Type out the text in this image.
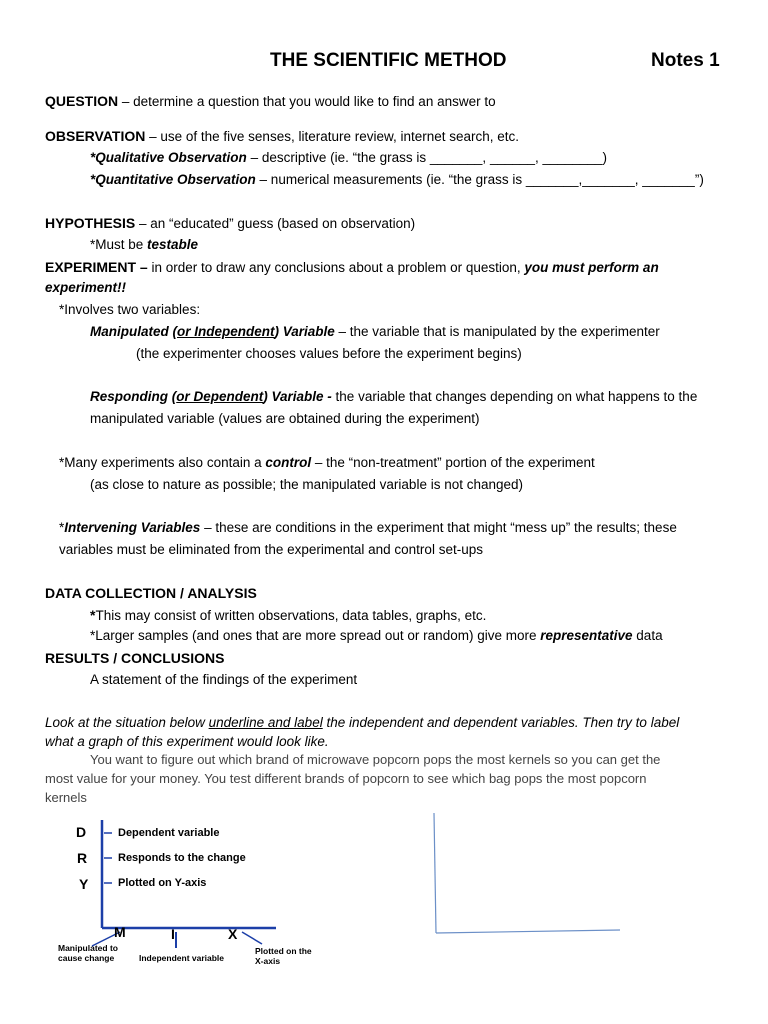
THE SCIENTIFIC METHOD	Notes 1
QUESTION – determine a question that you would like to find an answer to
OBSERVATION – use of the five senses, literature review, internet search, etc.
*Qualitative Observation – descriptive (ie. “the grass is _______, ______, ________)
*Quantitative Observation – numerical measurements (ie. “the grass is _______,_______, _______”)
HYPOTHESIS – an “educated” guess (based on observation)
*Must be testable
EXPERIMENT – in order to draw any conclusions about a problem or question, you must perform an
experiment!!
*Involves two variables:
Manipulated (or Independent) Variable – the variable that is manipulated by the experimenter
(the experimenter chooses values before the experiment begins)
Responding (or Dependent) Variable - the variable that changes depending on what happens to the
manipulated variable (values are obtained during the experiment)
*Many experiments also contain a control – the “non-treatment” portion of the experiment
(as close to nature as possible; the manipulated variable is not changed)
*Intervening Variables – these are conditions in the experiment that might “mess up” the results; these
variables must be eliminated from the experimental and control set-ups
DATA COLLECTION / ANALYSIS
*This may consist of written observations, data tables, graphs, etc.
*Larger samples (and ones that are more spread out or random) give more representative data
RESULTS / CONCLUSIONS
A statement of the findings of the experiment
Look at the situation below underline and label the independent and dependent variables. Then try to label
what a graph of this experiment would look like.
You want to figure out which brand of microwave popcorn pops the most kernels so you can get the
most value for your money. You test different brands of popcorn to see which bag pops the most popcorn
kernels
D
R
Y
Dependent variable
Responds to the change
Plotted on Y-axis
M	I	X
Manipulated to
cause change	Independent variable
Plotted on the
X-axis
